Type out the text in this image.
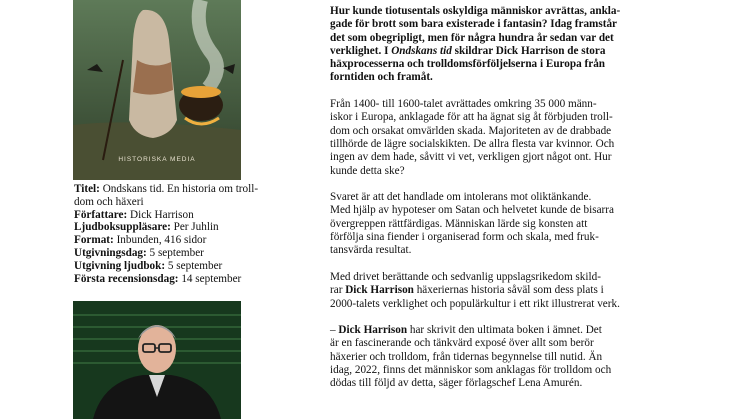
HISTORISKA MEDIA
Titel: Ondskans tid. En historia om troll-
dom och häxeri
Författare: Dick Harrison
Ljudboksuppläsare: Per Juhlin
Format: Inbunden, 416 sidor
Utgivningsdag: 5 september
Utgivning ljudbok: 5 september
Första recensionsdag: 14 september

Hur kunde tiotusentals oskyldiga människor avrättas, ankla-
gade för brott som bara existerade i fantasin? Idag framstår
det som obegripligt, men för några hundra år sedan var det
verklighet. I Ondskans tid skildrar Dick Harrison de stora
häxprocesserna och trolldomsförföljelserna i Europa från
forntiden och framåt.

Från 1400- till 1600-talet avrättades omkring 35 000 männ-
iskor i Europa, anklagade för att ha ägnat sig åt förbjuden troll-
dom och orsakat omvärlden skada. Majoriteten av de drabbade
tillhörde de lägre socialskikten. De allra flesta var kvinnor. Och
ingen av dem hade, såvitt vi vet, verkligen gjort något ont. Hur
kunde detta ske?

Svaret är att det handlade om intolerans mot oliktänkande.
Med hjälp av hypoteser om Satan och helvetet kunde de bisarra
övergreppen rättfärdigas. Människan lärde sig konsten att
förfölja sina fiender i organiserad form och skala, med fruk-
tansvärda resultat.

Med drivet berättande och sedvanlig uppslagsrikedom skild-
rar Dick Harrison häxeriernas historia såväl som dess plats i
2000-talets verklighet och populärkultur i ett rikt illustrerat verk.

– Dick Harrison har skrivit den ultimata boken i ämnet. Det
är en fascinerande och tänkvärd exposé över allt som berör
häxerier och trolldom, från tidernas begynnelse till nutid. Än
idag, 2022, finns det människor som anklagas för trolldom och
dödas till följd av detta, säger förlagschef Lena Amurén.
